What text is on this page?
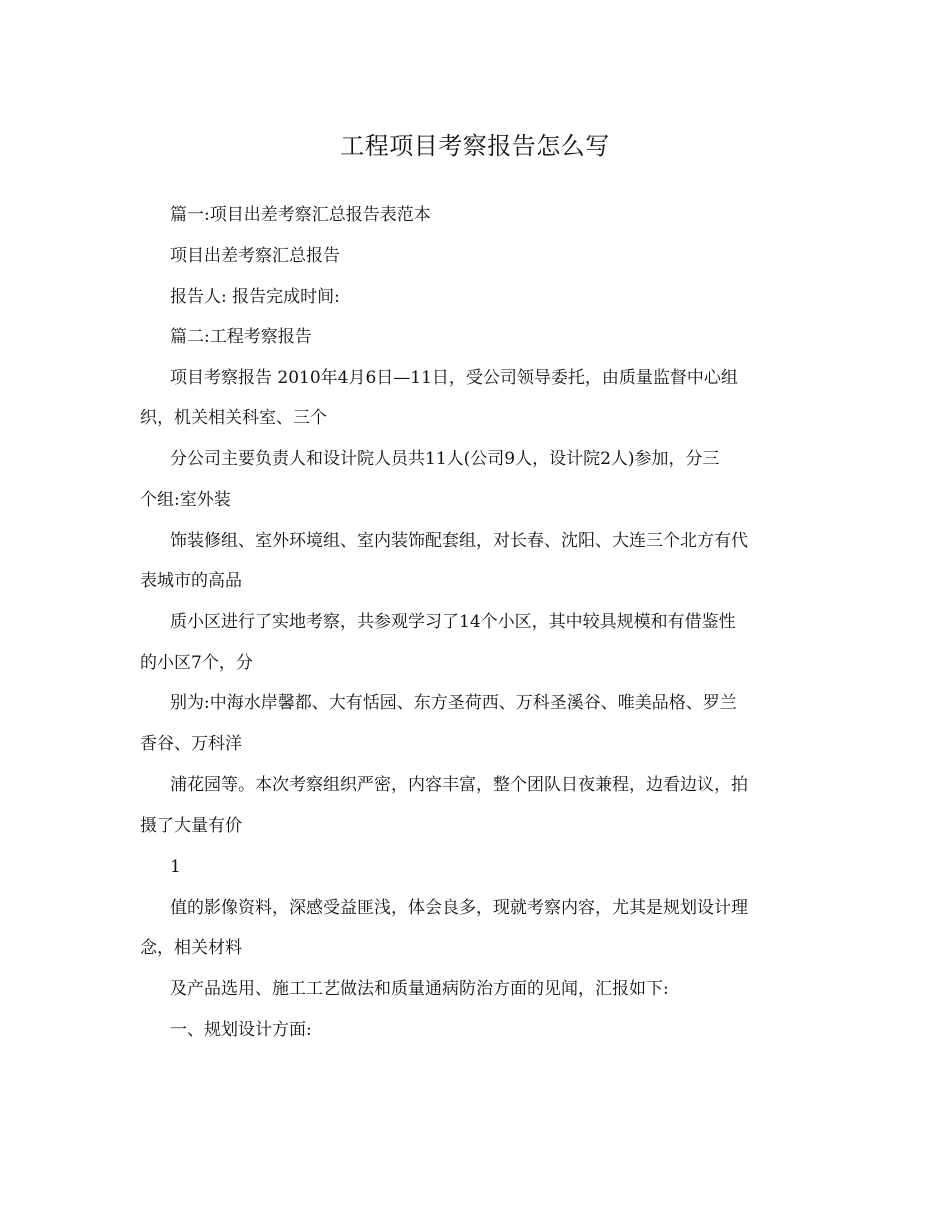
工程项目考察报告怎么写
篇一:项目出差考察汇总报告表范本
项目出差考察汇总报告
报告人: 报告完成时间:
篇二:工程考察报告
项目考察报告 2010年4月6日—11日，受公司领导委托，由质量监督中心组
织，机关相关科室、三个
分公司主要负责人和设计院人员共11人(公司9人，设计院2人)参加，分三
个组:室外装
饰装修组、室外环境组、室内装饰配套组，对长春、沈阳、大连三个北方有代
表城市的高品
质小区进行了实地考察，共参观学习了14个小区，其中较具规模和有借鉴性
的小区7个，分
别为:中海水岸馨都、大有恬园、东方圣荷西、万科圣溪谷、唯美品格、罗兰
香谷、万科洋
浦花园等。本次考察组织严密，内容丰富，整个团队日夜兼程，边看边议，拍
摄了大量有价
1
值的影像资料，深感受益匪浅，体会良多，现就考察内容，尤其是规划设计理
念，相关材料
及产品选用、施工工艺做法和质量通病防治方面的见闻，汇报如下:
一、规划设计方面:
